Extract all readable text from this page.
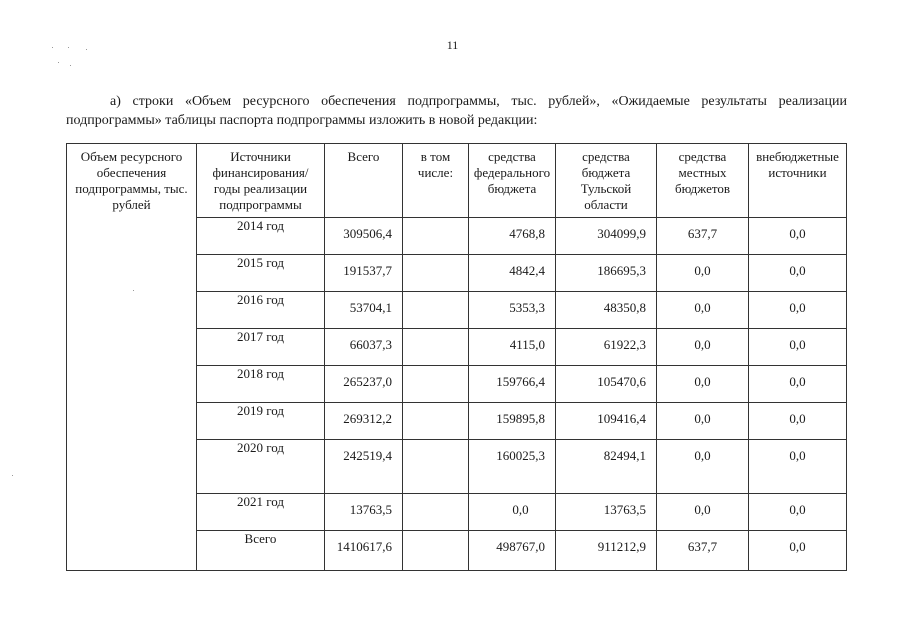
11
а) строки «Объем ресурсного обеспечения подпрограммы, тыс. рублей», «Ожидаемые результаты реализации подпрограммы» таблицы паспорта подпрограммы изложить в новой редакции:
Объем ресурсного обеспечения подпрограммы, тыс. рублей	Источники финансирования/ годы реализации подпрограммы	Всего	в том числе:	средства федерального бюджета	средства бюджета Тульской области	средства местных бюджетов	внебюджетные источники
	2014 год	309506,4		4768,8	304099,9	637,7	0,0
	2015 год	191537,7		4842,4	186695,3	0,0	0,0
	2016 год	53704,1		5353,3	48350,8	0,0	0,0
	2017 год	66037,3		4115,0	61922,3	0,0	0,0
	2018 год	265237,0		159766,4	105470,6	0,0	0,0
	2019 год	269312,2		159895,8	109416,4	0,0	0,0
	2020 год	242519,4		160025,3	82494,1	0,0	0,0
	2021 год	13763,5		0,0	13763,5	0,0	0,0
	Всего	1410617,6		498767,0	911212,9	637,7	0,0
